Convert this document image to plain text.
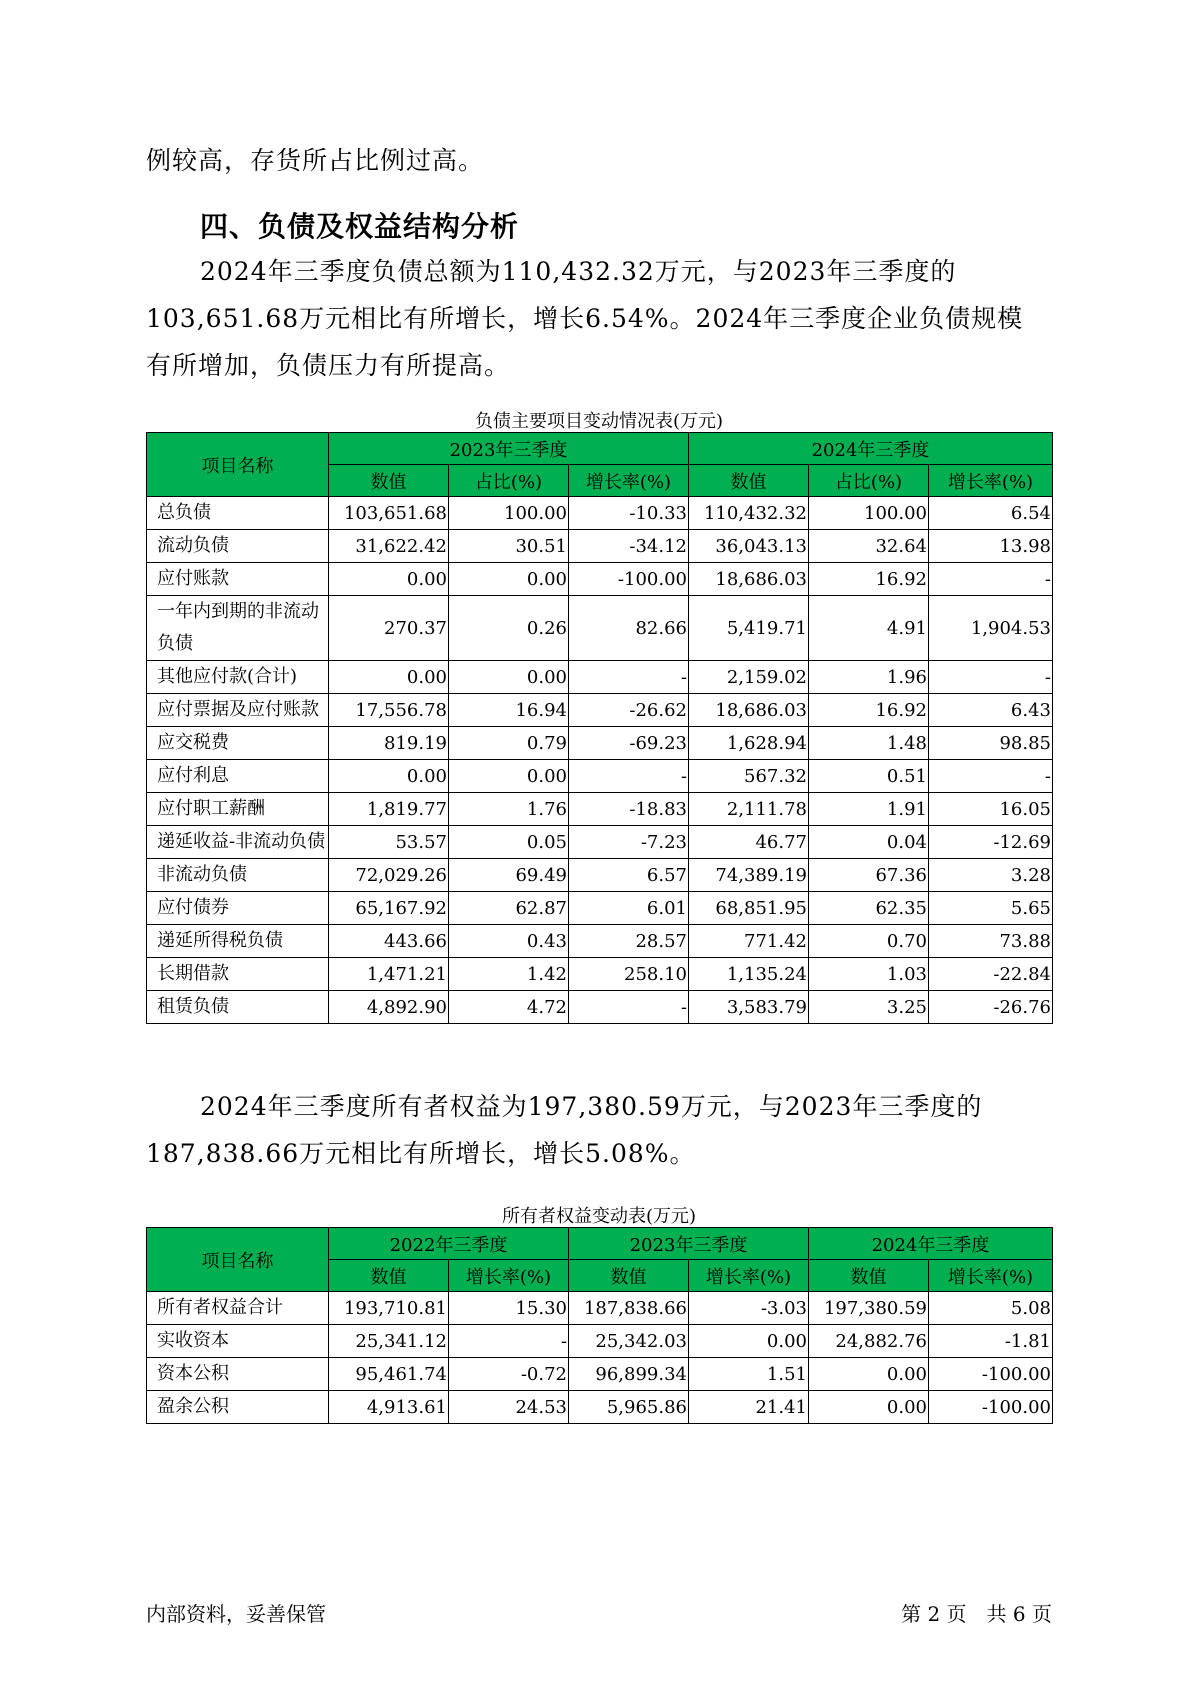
例较高，存货所占比例过高。

四、负债及权益结构分析

2024年三季度负债总额为110,432.32万元，与2023年三季度的103,651.68万元相比有所增长，增长6.54%。2024年三季度企业负债规模有所增加，负债压力有所提高。

负债主要项目变动情况表(万元)

项目名称	2023年三季度			2024年三季度		
	数值	占比(%)	增长率(%)	数值	占比(%)	增长率(%)
总负债	103,651.68	100.00	-10.33	110,432.32	100.00	6.54
流动负债	31,622.42	30.51	-34.12	36,043.13	32.64	13.98
应付账款	0.00	0.00	-100.00	18,686.03	16.92	-
一年内到期的非流动负债	270.37	0.26	82.66	5,419.71	4.91	1,904.53
其他应付款(合计)	0.00	0.00	-	2,159.02	1.96	-
应付票据及应付账款	17,556.78	16.94	-26.62	18,686.03	16.92	6.43
应交税费	819.19	0.79	-69.23	1,628.94	1.48	98.85
应付利息	0.00	0.00	-	567.32	0.51	-
应付职工薪酬	1,819.77	1.76	-18.83	2,111.78	1.91	16.05
递延收益-非流动负债	53.57	0.05	-7.23	46.77	0.04	-12.69
非流动负债	72,029.26	69.49	6.57	74,389.19	67.36	3.28
应付债券	65,167.92	62.87	6.01	68,851.95	62.35	5.65
递延所得税负债	443.66	0.43	28.57	771.42	0.70	73.88
长期借款	1,471.21	1.42	258.10	1,135.24	1.03	-22.84
租赁负债	4,892.90	4.72	-	3,583.79	3.25	-26.76

2024年三季度所有者权益为197,380.59万元，与2023年三季度的187,838.66万元相比有所增长，增长5.08%。

所有者权益变动表(万元)

项目名称	2022年三季度		2023年三季度		2024年三季度	
	数值	增长率(%)	数值	增长率(%)	数值	增长率(%)
所有者权益合计	193,710.81	15.30	187,838.66	-3.03	197,380.59	5.08
实收资本	25,341.12	-	25,342.03	0.00	24,882.76	-1.81
资本公积	95,461.74	-0.72	96,899.34	1.51	0.00	-100.00
盈余公积	4,913.61	24.53	5,965.86	21.41	0.00	-100.00

内部资料，妥善保管	第 2 页　共 6 页
